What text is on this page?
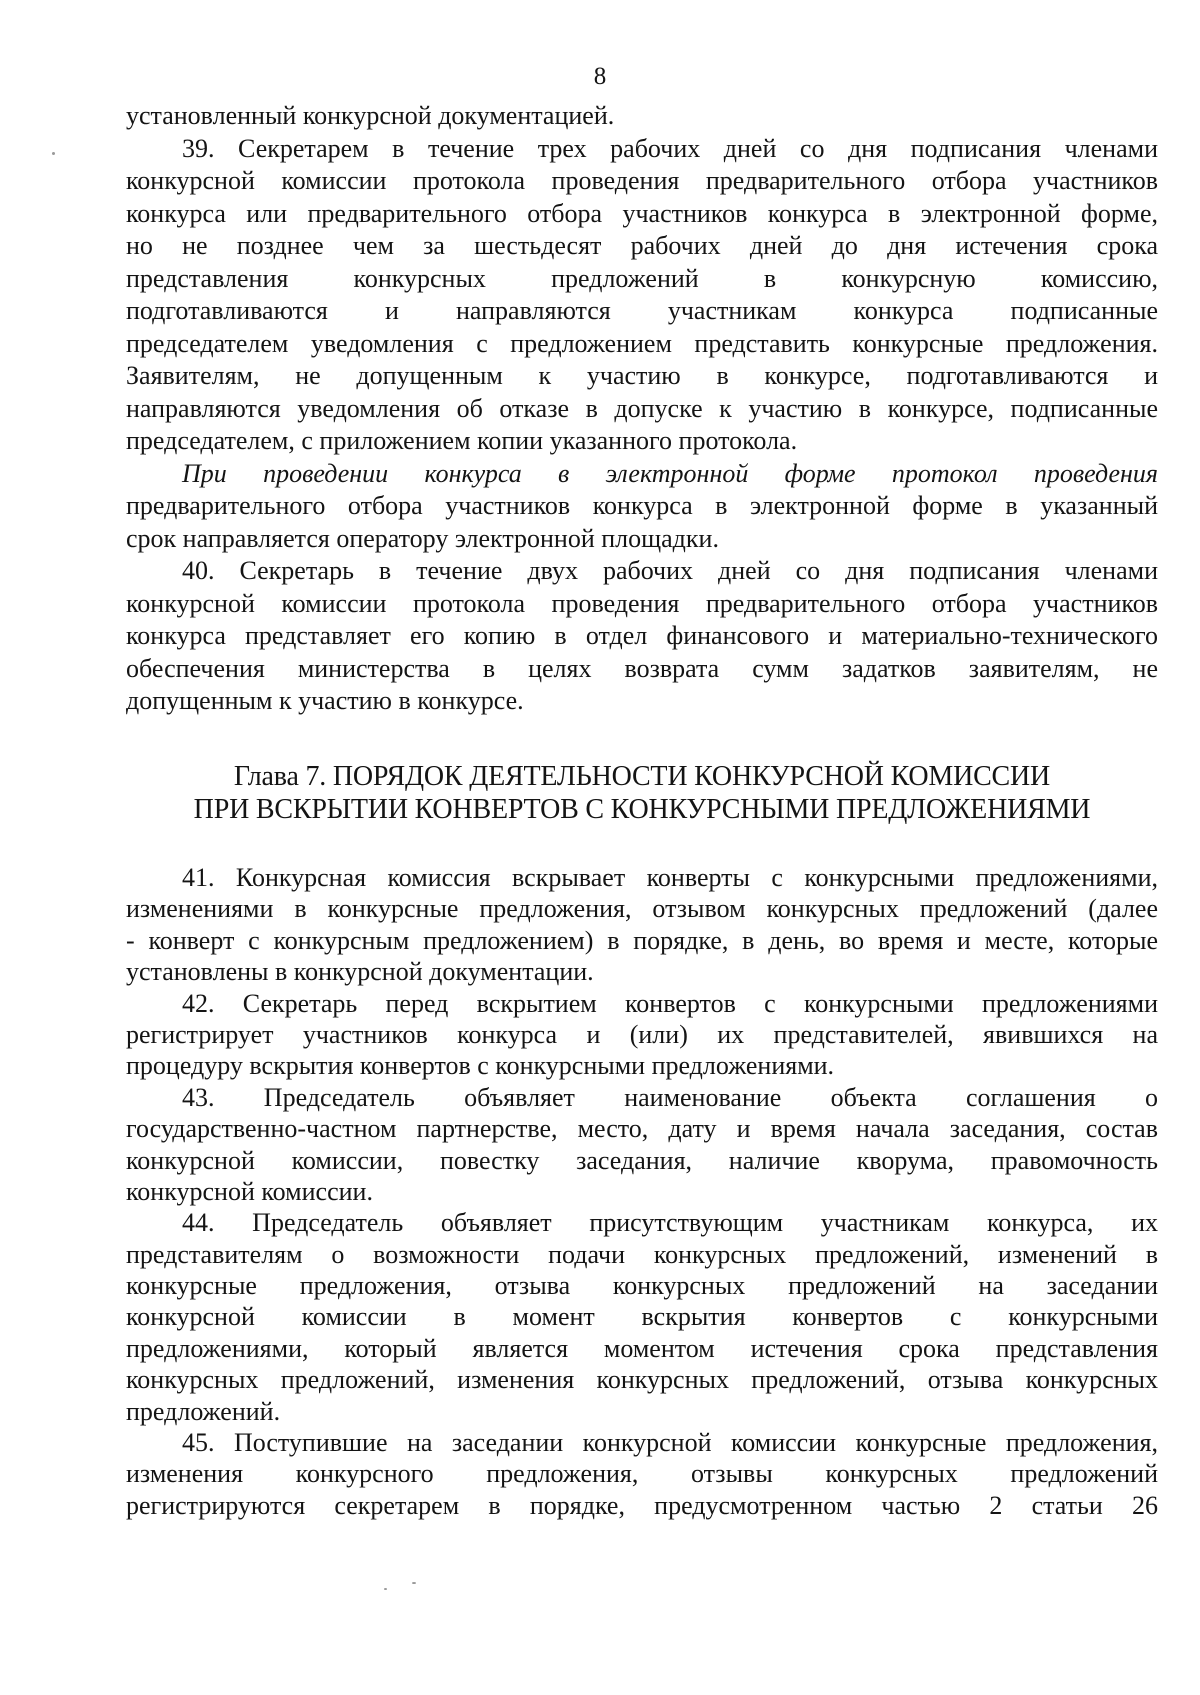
8
установленный конкурсной документацией.
39. Секретарем в течение трех рабочих дней со дня подписания членами
конкурсной комиссии протокола проведения предварительного отбора участников
конкурса или предварительного отбора участников конкурса в электронной форме,
но не позднее чем за шестьдесят рабочих дней до дня истечения срока
представления конкурсных предложений в конкурсную комиссию,
подготавливаются и направляются участникам конкурса подписанные
председателем уведомления с предложением представить конкурсные предложения.
Заявителям, не допущенным к участию в конкурсе, подготавливаются и
направляются уведомления об отказе в допуске к участию в конкурсе, подписанные
председателем, с приложением копии указанного протокола.
При проведении конкурса в электронной форме протокол проведения
предварительного отбора участников конкурса в электронной форме в указанный
срок направляется оператору электронной площадки.
40. Секретарь в течение двух рабочих дней со дня подписания членами
конкурсной комиссии протокола проведения предварительного отбора участников
конкурса представляет его копию в отдел финансового и материально-технического
обеспечения министерства в целях возврата сумм задатков заявителям, не
допущенным к участию в конкурсе.
Глава 7. ПОРЯДОК ДЕЯТЕЛЬНОСТИ КОНКУРСНОЙ КОМИССИИ
ПРИ ВСКРЫТИИ КОНВЕРТОВ С КОНКУРСНЫМИ ПРЕДЛОЖЕНИЯМИ
41. Конкурсная комиссия вскрывает конверты с конкурсными предложениями,
изменениями в конкурсные предложения, отзывом конкурсных предложений (далее
- конверт с конкурсным предложением) в порядке, в день, во время и месте, которые
установлены в конкурсной документации.
42. Секретарь перед вскрытием конвертов с конкурсными предложениями
регистрирует участников конкурса и (или) их представителей, явившихся на
процедуру вскрытия конвертов с конкурсными предложениями.
43. Председатель объявляет наименование объекта соглашения о
государственно-частном партнерстве, место, дату и время начала заседания, состав
конкурсной комиссии, повестку заседания, наличие кворума, правомочность
конкурсной комиссии.
44. Председатель объявляет присутствующим участникам конкурса, их
представителям о возможности подачи конкурсных предложений, изменений в
конкурсные предложения, отзыва конкурсных предложений на заседании
конкурсной комиссии в момент вскрытия конвертов с конкурсными
предложениями, который является моментом истечения срока представления
конкурсных предложений, изменения конкурсных предложений, отзыва конкурсных
предложений.
45. Поступившие на заседании конкурсной комиссии конкурсные предложения,
изменения конкурсного предложения, отзывы конкурсных предложений
регистрируются секретарем в порядке, предусмотренном частью 2 статьи 26
